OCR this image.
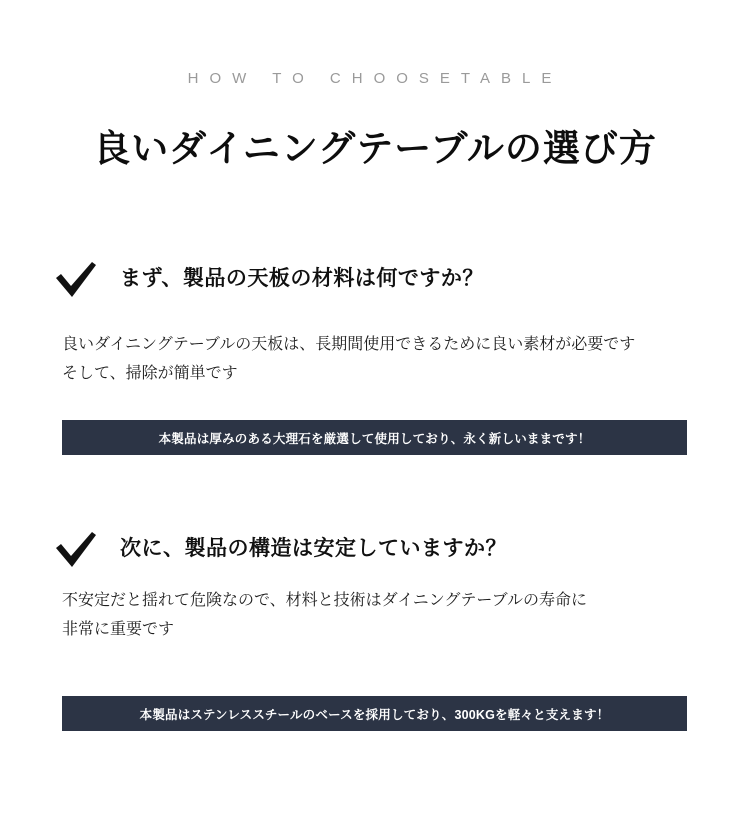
HOW TO CHOOSETABLE
良いダイニングテーブルの選び方
まず、製品の天板の材料は何ですか？
良いダイニングテーブルの天板は、長期間使用できるために良い素材が必要です
そして、掃除が簡単です
本製品は厚みのある大理石を厳選して使用しており、永く新しいままです！
次に、製品の構造は安定していますか？
不安定だと揺れて危険なので、材料と技術はダイニングテーブルの寿命に
非常に重要です
本製品はステンレススチールのベースを採用しており、300KGを軽々と支えます！
